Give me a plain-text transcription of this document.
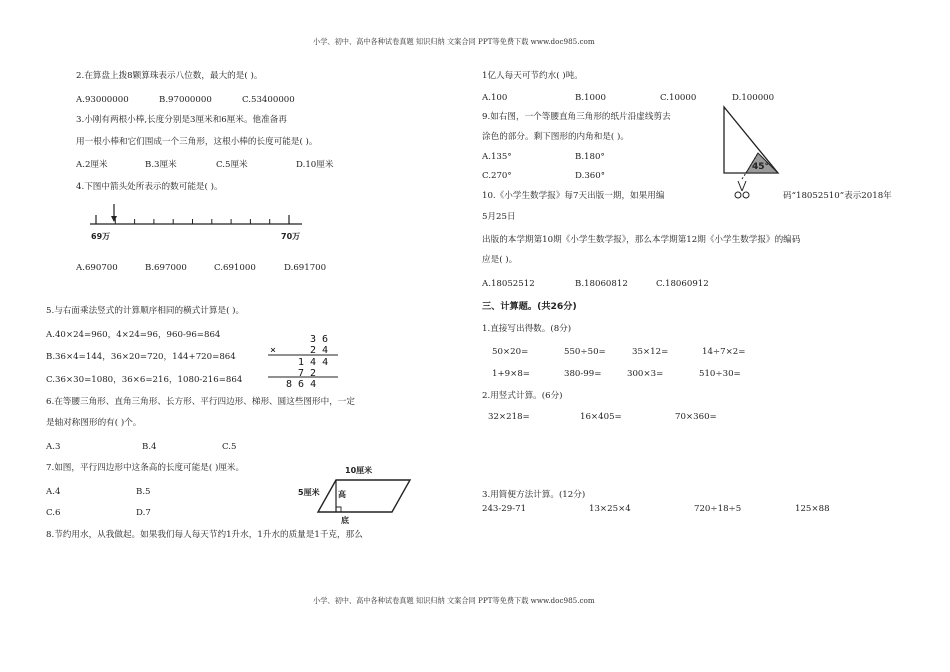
小学、初中、高中各种试卷真题 知识归纳 文案合同 PPT等免费下载 www.doc985.com
2.在算盘上拨8颗算珠表示八位数，最大的是( )。
A.93000000	B.97000000	C.53400000
3.小刚有两根小棒,长度分别是3厘米和6厘米。他准备再
用一根小棒和它们围成一个三角形，这根小棒的长度可能是( )。
A.2厘米	B.3厘米	C.5厘米	D.10厘米
4.下图中箭头处所表示的数可能是( )。
69万	70万
A.690700	B.697000	C.691000	D.691700
5.与右面乘法竖式的计算顺序相同的横式计算是( )。
A.40×24=960，4×24=96，960-96=864
B.36×4=144，36×20=720，144+720=864
C.36×30=1080，36×6=216，1080-216=864
3 6
×	2 4
1 4 4
7 2
8 6 4
6.在等腰三角形、直角三角形、长方形、平行四边形、梯形、圆这些图形中，一定
是轴对称图形的有( )个。
A.3	B.4	C.5
7.如图，平行四边形中这条高的长度可能是( )厘米。
A.4	B.5
C.6	D.7
10厘米
5厘米 高
底
8.节约用水，从我做起。如果我们每人每天节约1升水，1升水的质量是1千克，那么
1亿人每天可节约水( )吨。
A.100	B.1000	C.10000	D.100000
9.如右图，一个等腰直角三角形的纸片沿虚线剪去
涂色的部分。剩下图形的内角和是( )。
A.135°	B.180°
C.270°	D.360°
45°
10.《小学生数学报》每7天出版一期，如果用编	码“18052510”表示2018年
5月25日
出版的本学期第10期《小学生数学报》，那么本学期第12期《小学生数学报》的编码
应是( )。
A.18052512	B.18060812	C.18060912
三、计算题。(共26分)
1.直接写出得数。(8分)
50×20=	550÷50=	35×12=	14÷7×2=
1+9×8=	380-99=	300×3=	510÷30=
2.用竖式计算。(6分)
32×218=	16×405=	70×360=
3.用简便方法计算。(12分)
243-29-71	13×25×4	720÷18÷5	125×88
小学、初中、高中各种试卷真题 知识归纳 文案合同 PPT等免费下载 www.doc985.com
